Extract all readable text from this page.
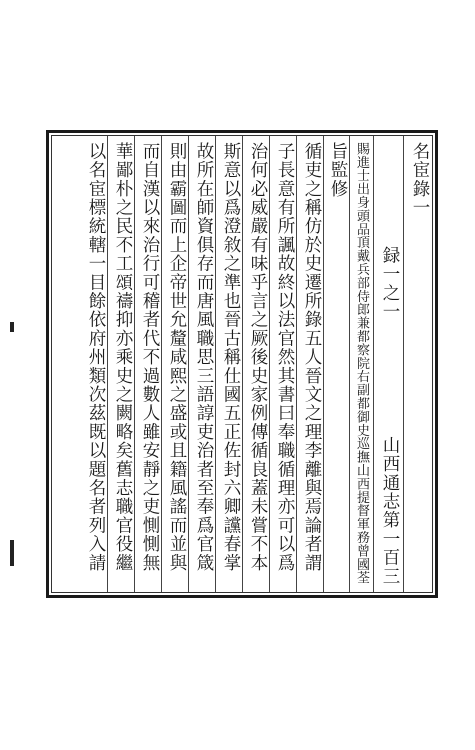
名宦錄一
山西通志第一百三
録一之一
賜進士出身頭品頂戴兵部侍郎兼都察院右副都御史巡撫山西提督軍務曾國荃
旨監修
循吏之稱仿於史遷所錄五人晉文之理李離與焉論者謂
子長意有所諷故終以法官然其書曰奉職循理亦可以爲
治何必威嚴有味乎言之厥後史家例傳循良蓋未嘗不本
斯意以爲澄敘之準也晉古稱仕國五正佐封六卿讜春掌
故所在師資俱存而唐風職思三語諄吏治者至奉爲官箴
則由霸圖而上企帝世允釐咸熙之盛或且籍風謠而並與
而自漢以來治行可稽者代不過數人雖安靜之吏惻惻無
華鄙朴之民不工頌禱抑亦乘史之闕略矣舊志職官役繼
以名宦標統轄一目餘依府州類次茲既以題名者列入請
